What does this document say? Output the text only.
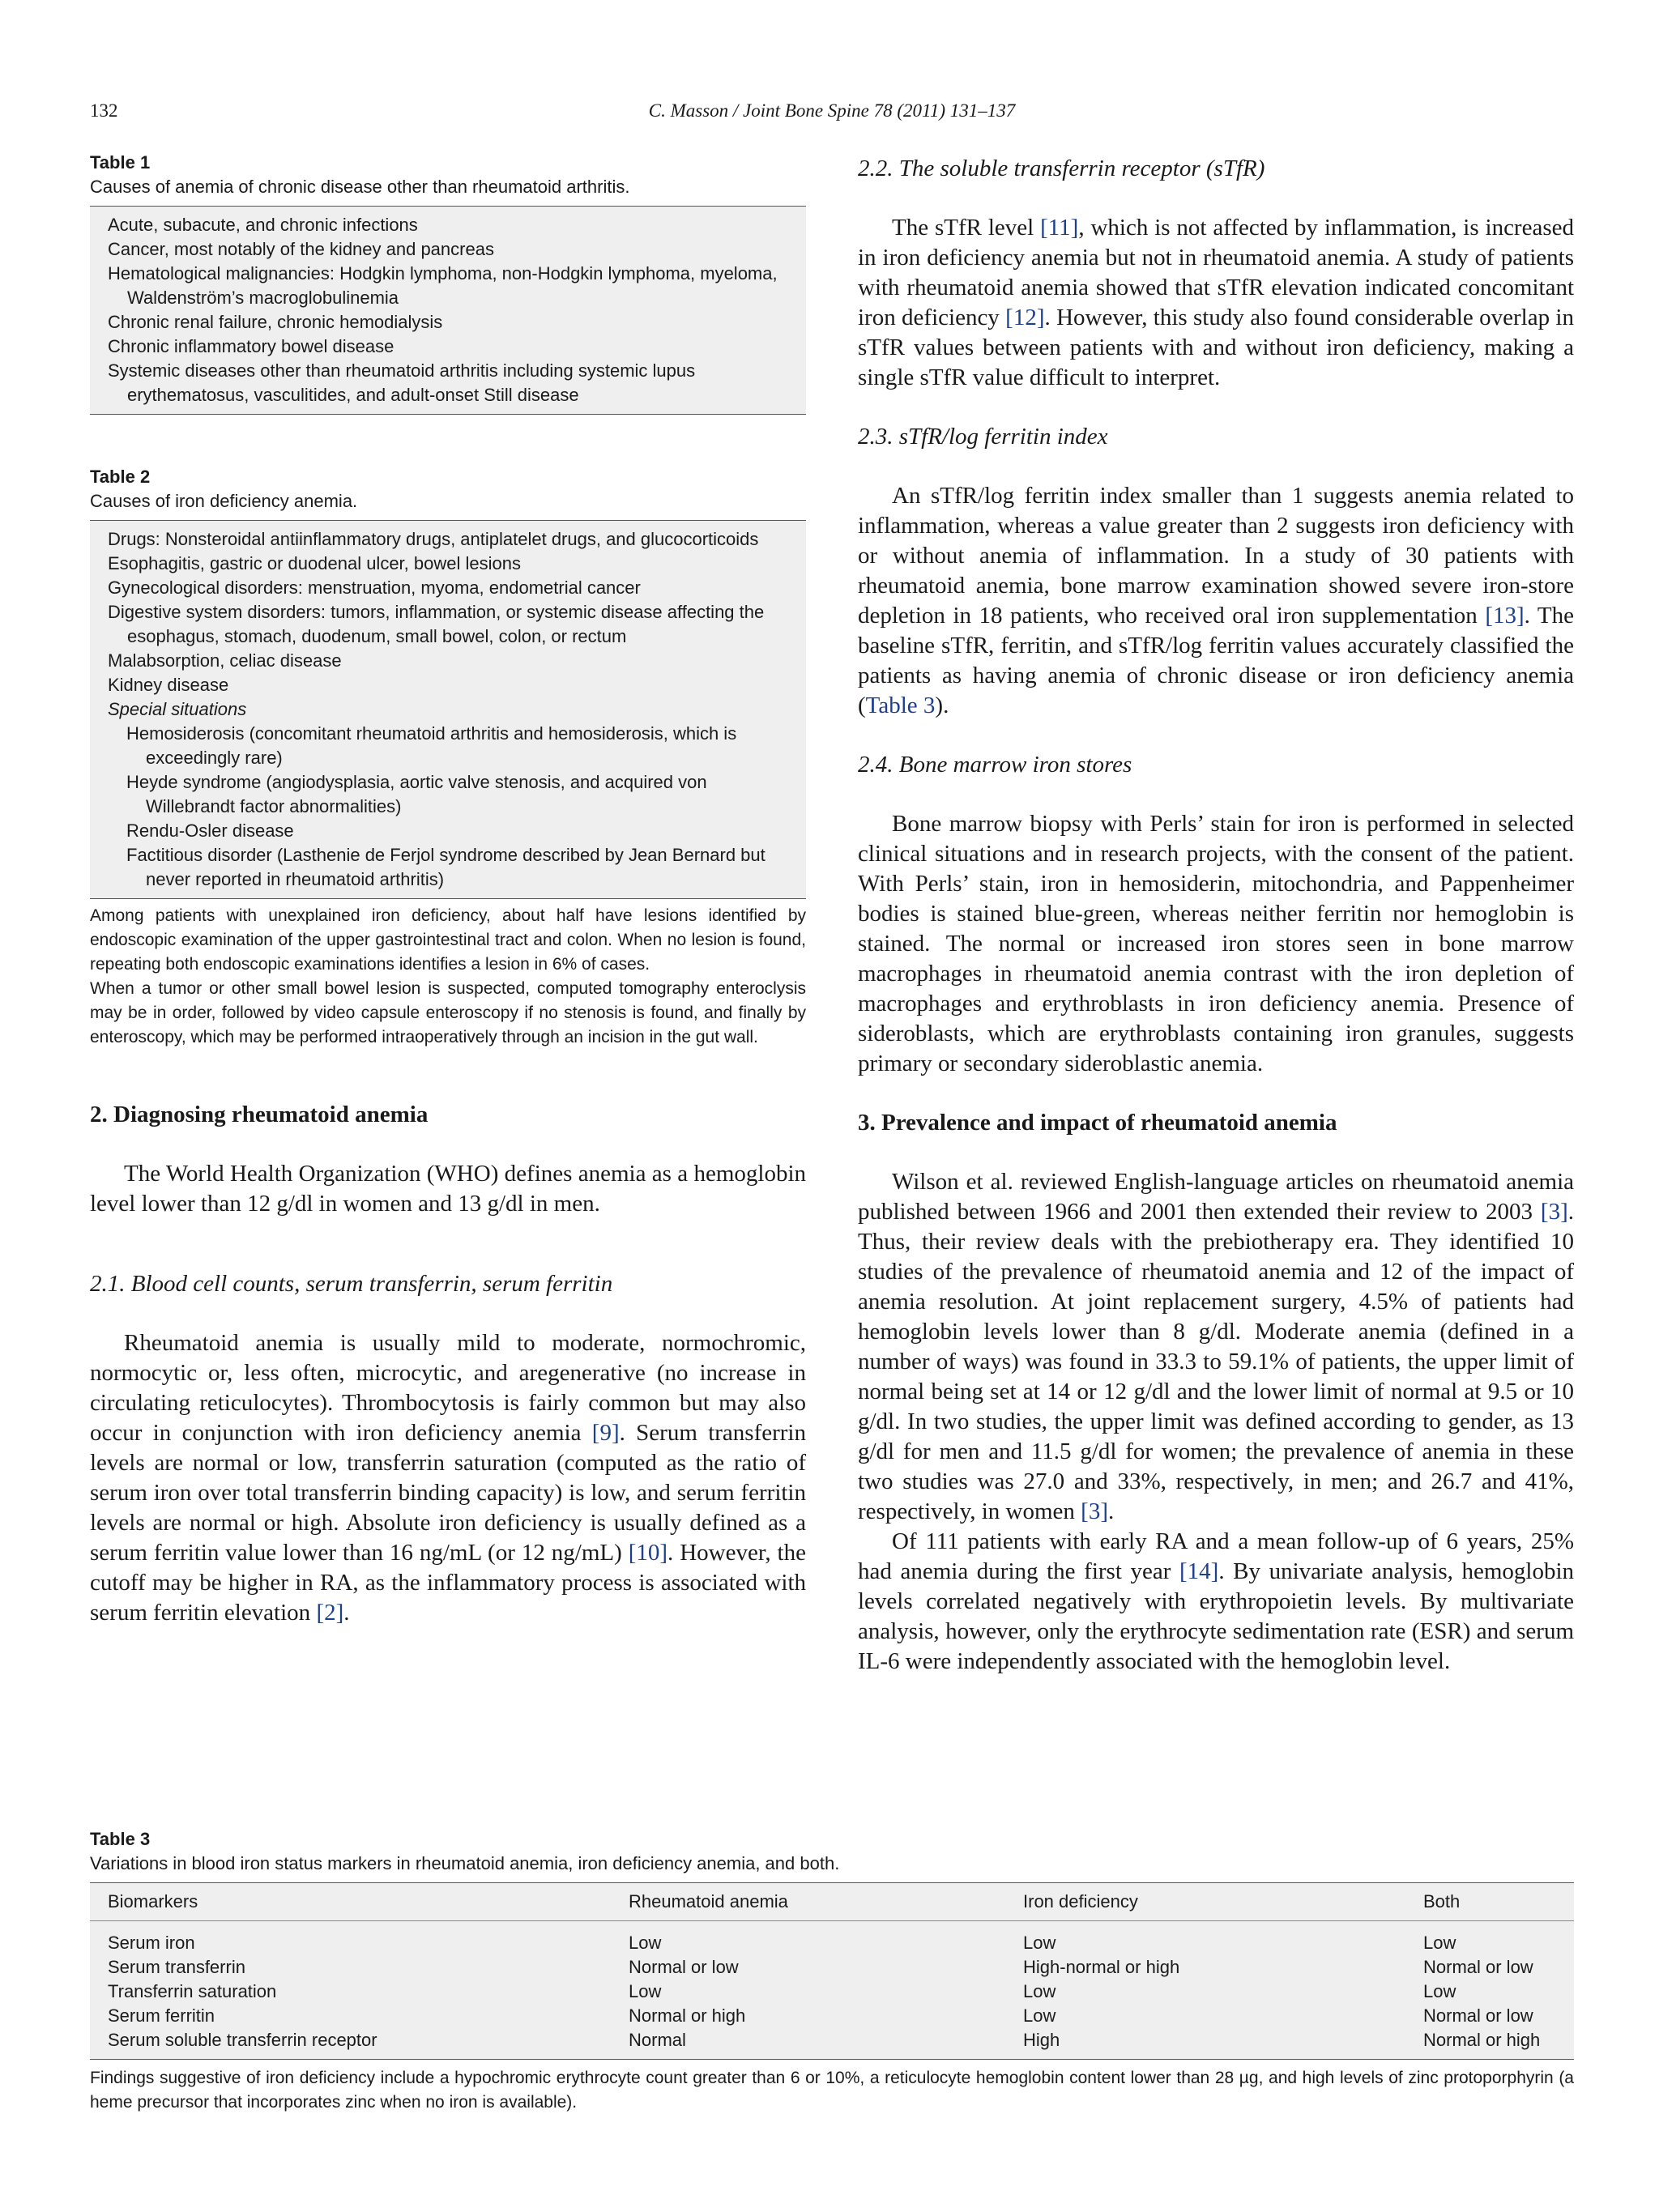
132	C. Masson / Joint Bone Spine 78 (2011) 131–137
Table 1
Causes of anemia of chronic disease other than rheumatoid arthritis.
Acute, subacute, and chronic infections
Cancer, most notably of the kidney and pancreas
Hematological malignancies: Hodgkin lymphoma, non-Hodgkin lymphoma, myeloma, Waldenström’s macroglobulinemia
Chronic renal failure, chronic hemodialysis
Chronic inflammatory bowel disease
Systemic diseases other than rheumatoid arthritis including systemic lupus erythematosus, vasculitides, and adult-onset Still disease
Table 2
Causes of iron deficiency anemia.
Drugs: Nonsteroidal antiinflammatory drugs, antiplatelet drugs, and glucocorticoids
Esophagitis, gastric or duodenal ulcer, bowel lesions
Gynecological disorders: menstruation, myoma, endometrial cancer
Digestive system disorders: tumors, inflammation, or systemic disease affecting the esophagus, stomach, duodenum, small bowel, colon, or rectum
Malabsorption, celiac disease
Kidney disease
Special situations
Hemosiderosis (concomitant rheumatoid arthritis and hemosiderosis, which is exceedingly rare)
Heyde syndrome (angiodysplasia, aortic valve stenosis, and acquired von Willebrandt factor abnormalities)
Rendu-Osler disease
Factitious disorder (Lasthenie de Ferjol syndrome described by Jean Bernard but never reported in rheumatoid arthritis)
Among patients with unexplained iron deficiency, about half have lesions identified by endoscopic examination of the upper gastrointestinal tract and colon. When no lesion is found, repeating both endoscopic examinations identifies a lesion in 6% of cases.
When a tumor or other small bowel lesion is suspected, computed tomography enteroclysis may be in order, followed by video capsule enteroscopy if no stenosis is found, and finally by enteroscopy, which may be performed intraoperatively through an incision in the gut wall.
2. Diagnosing rheumatoid anemia

The World Health Organization (WHO) defines anemia as a hemoglobin level lower than 12 g/dl in women and 13 g/dl in men.

2.1. Blood cell counts, serum transferrin, serum ferritin

Rheumatoid anemia is usually mild to moderate, normochromic, normocytic or, less often, microcytic, and aregenerative (no increase in circulating reticulocytes). Thrombocytosis is fairly common but may also occur in conjunction with iron deficiency anemia [9]. Serum transferrin levels are normal or low, transferrin saturation (computed as the ratio of serum iron over total transferrin binding capacity) is low, and serum ferritin levels are normal or high. Absolute iron deficiency is usually defined as a serum ferritin value lower than 16 ng/mL (or 12 ng/mL) [10]. However, the cutoff may be higher in RA, as the inflammatory process is associated with serum ferritin elevation [2].

2.2. The soluble transferrin receptor (sTfR)

The sTfR level [11], which is not affected by inflammation, is increased in iron deficiency anemia but not in rheumatoid anemia. A study of patients with rheumatoid anemia showed that sTfR elevation indicated concomitant iron deficiency [12]. However, this study also found considerable overlap in sTfR values between patients with and without iron deficiency, making a single sTfR value difficult to interpret.

2.3. sTfR/log ferritin index

An sTfR/log ferritin index smaller than 1 suggests anemia related to inflammation, whereas a value greater than 2 suggests iron deficiency with or without anemia of inflammation. In a study of 30 patients with rheumatoid anemia, bone marrow examination showed severe iron-store depletion in 18 patients, who received oral iron supplementation [13]. The baseline sTfR, ferritin, and sTfR/log ferritin values accurately classified the patients as having anemia of chronic disease or iron deficiency anemia (Table 3).

2.4. Bone marrow iron stores

Bone marrow biopsy with Perls’ stain for iron is performed in selected clinical situations and in research projects, with the consent of the patient. With Perls’ stain, iron in hemosiderin, mitochondria, and Pappenheimer bodies is stained blue-green, whereas neither ferritin nor hemoglobin is stained. The normal or increased iron stores seen in bone marrow macrophages in rheumatoid anemia contrast with the iron depletion of macrophages and erythroblasts in iron deficiency anemia. Presence of sideroblasts, which are erythroblasts containing iron granules, suggests primary or secondary sideroblastic anemia.

3. Prevalence and impact of rheumatoid anemia

Wilson et al. reviewed English-language articles on rheumatoid anemia published between 1966 and 2001 then extended their review to 2003 [3]. Thus, their review deals with the prebiotherapy era. They identified 10 studies of the prevalence of rheumatoid anemia and 12 of the impact of anemia resolution. At joint replacement surgery, 4.5% of patients had hemoglobin levels lower than 8 g/dl. Moderate anemia (defined in a number of ways) was found in 33.3 to 59.1% of patients, the upper limit of normal being set at 14 or 12 g/dl and the lower limit of normal at 9.5 or 10 g/dl. In two studies, the upper limit was defined according to gender, as 13 g/dl for men and 11.5 g/dl for women; the prevalence of anemia in these two studies was 27.0 and 33%, respectively, in men; and 26.7 and 41%, respectively, in women [3].

Of 111 patients with early RA and a mean follow-up of 6 years, 25% had anemia during the first year [14]. By univariate analysis, hemoglobin levels correlated negatively with erythropoietin levels. By multivariate analysis, however, only the erythrocyte sedimentation rate (ESR) and serum IL-6 were independently associated with the hemoglobin level.

Table 3
Variations in blood iron status markers in rheumatoid anemia, iron deficiency anemia, and both.
Biomarkers	Rheumatoid anemia	Iron deficiency	Both
Serum iron	Low	Low	Low
Serum transferrin	Normal or low	High-normal or high	Normal or low
Transferrin saturation	Low	Low	Low
Serum ferritin	Normal or high	Low	Normal or low
Serum soluble transferrin receptor	Normal	High	Normal or high
Findings suggestive of iron deficiency include a hypochromic erythrocyte count greater than 6 or 10%, a reticulocyte hemoglobin content lower than 28 µg, and high levels of zinc protoporphyrin (a heme precursor that incorporates zinc when no iron is available).
